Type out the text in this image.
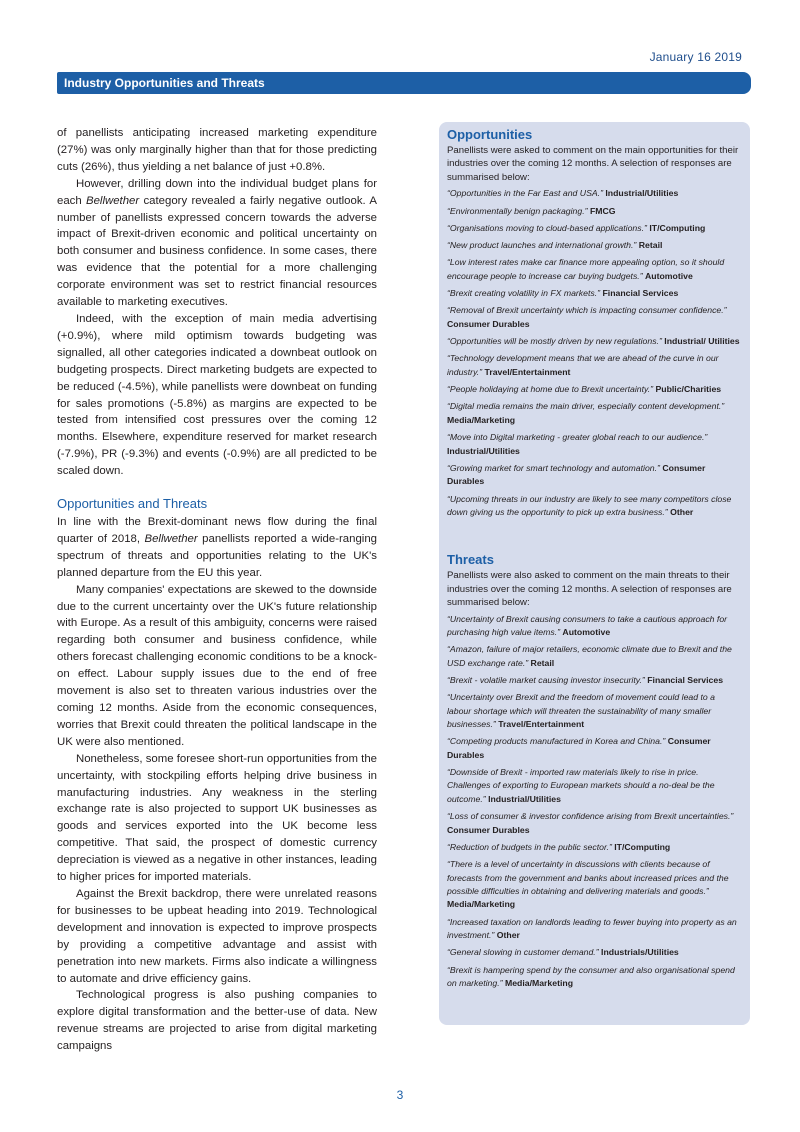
January 16 2019
Industry Opportunities and Threats

of panellists anticipating increased marketing expenditure (27%) was only marginally higher than that for those predicting cuts (26%), thus yielding a net balance of just +0.8%.

However, drilling down into the individual budget plans for each Bellwether category revealed a fairly negative outlook. A number of panellists expressed concern towards the adverse impact of Brexit-driven economic and political uncertainty on both consumer and business confidence. In some cases, there was evidence that the potential for a more challenging corporate environment was set to restrict financial resources available to marketing executives.

Indeed, with the exception of main media advertising (+0.9%), where mild optimism towards budgeting was signalled, all other categories indicated a downbeat outlook on budgeting prospects. Direct marketing budgets are expected to be reduced (-4.5%), while panellists were downbeat on funding for sales promotions (-5.8%) as margins are expected to be tested from intensified cost pressures over the coming 12 months. Elsewhere, expenditure reserved for market research (-7.9%), PR (-9.3%) and events (-0.9%) are all predicted to be scaled down.

Opportunities and Threats

In line with the Brexit-dominant news flow during the final quarter of 2018, Bellwether panellists reported a wide-ranging spectrum of threats and opportunities relating to the UK's planned departure from the EU this year.

Many companies' expectations are skewed to the downside due to the current uncertainty over the UK's future relationship with Europe. As a result of this ambiguity, concerns were raised regarding both consumer and business confidence, while others forecast challenging economic conditions to be a knock-on effect. Labour supply issues due to the end of free movement is also set to threaten various industries over the coming 12 months. Aside from the economic consequences, worries that Brexit could threaten the political landscape in the UK were also mentioned.

Nonetheless, some foresee short-run opportunities from the uncertainty, with stockpiling efforts helping drive business in manufacturing industries. Any weakness in the sterling exchange rate is also projected to support UK businesses as goods and services exported into the UK become less competitive. That said, the prospect of domestic currency depreciation is viewed as a negative in other instances, leading to higher prices for imported materials.

Against the Brexit backdrop, there were unrelated reasons for businesses to be upbeat heading into 2019. Technological development and innovation is expected to improve prospects by providing a competitive advantage and assist with penetration into new markets. Firms also indicate a willingness to automate and drive efficiency gains.

Technological progress is also pushing companies to explore digital transformation and the better-use of data. New revenue streams are projected to arise from digital marketing campaigns

Opportunities
Panellists were asked to comment on the main opportunities for their industries over the coming 12 months. A selection of responses are summarised below:
“Opportunities in the Far East and USA.” Industrial/Utilities
“Environmentally benign packaging.” FMCG
“Organisations moving to cloud-based applications.” IT/Computing
“New product launches and international growth.” Retail
“Low interest rates make car finance more appealing option, so it should encourage people to increase car buying budgets.” Automotive
“Brexit creating volatility in FX markets.” Financial Services
“Removal of Brexit uncertainty which is impacting consumer confidence.” Consumer Durables
“Opportunities will be mostly driven by new regulations.” Industrial/ Utilities
“Technology development means that we are ahead of the curve in our industry.” Travel/Entertainment
“People holidaying at home due to Brexit uncertainty.” Public/Charities
“Digital media remains the main driver, especially content development.” Media/Marketing
“Move into Digital marketing - greater global reach to our audience.” Industrial/Utilities
“Growing market for smart technology and automation.” Consumer Durables
“Upcoming threats in our industry are likely to see many competitors close down giving us the opportunity to pick up extra business.” Other
Threats
Panellists were also asked to comment on the main threats to their industries over the coming 12 months. A selection of responses are summarised below:
“Uncertainty of Brexit causing consumers to take a cautious approach for purchasing high value items.” Automotive
“Amazon, failure of major retailers, economic climate due to Brexit and the USD exchange rate.” Retail
“Brexit - volatile market causing investor insecurity.” Financial Services
“Uncertainty over Brexit and the freedom of movement could lead to a labour shortage which will threaten the sustainability of many smaller businesses.” Travel/Entertainment
“Competing products manufactured in Korea and China.” Consumer Durables
“Downside of Brexit - imported raw materials likely to rise in price. Challenges of exporting to European markets should a no-deal be the outcome.” Industrial/Utilities
“Loss of consumer & investor confidence arising from Brexit uncertainties.” Consumer Durables
“Reduction of budgets in the public sector.” IT/Computing
“There is a level of uncertainty in discussions with clients because of forecasts from the government and banks about increased prices and the possible difficulties in obtaining and delivering materials and goods.” Media/Marketing
“Increased taxation on landlords leading to fewer buying into property as an investment.” Other
“General slowing in customer demand.” Industrials/Utilities
“Brexit is hampering spend by the consumer and also organisational spend on marketing.” Media/Marketing
3
